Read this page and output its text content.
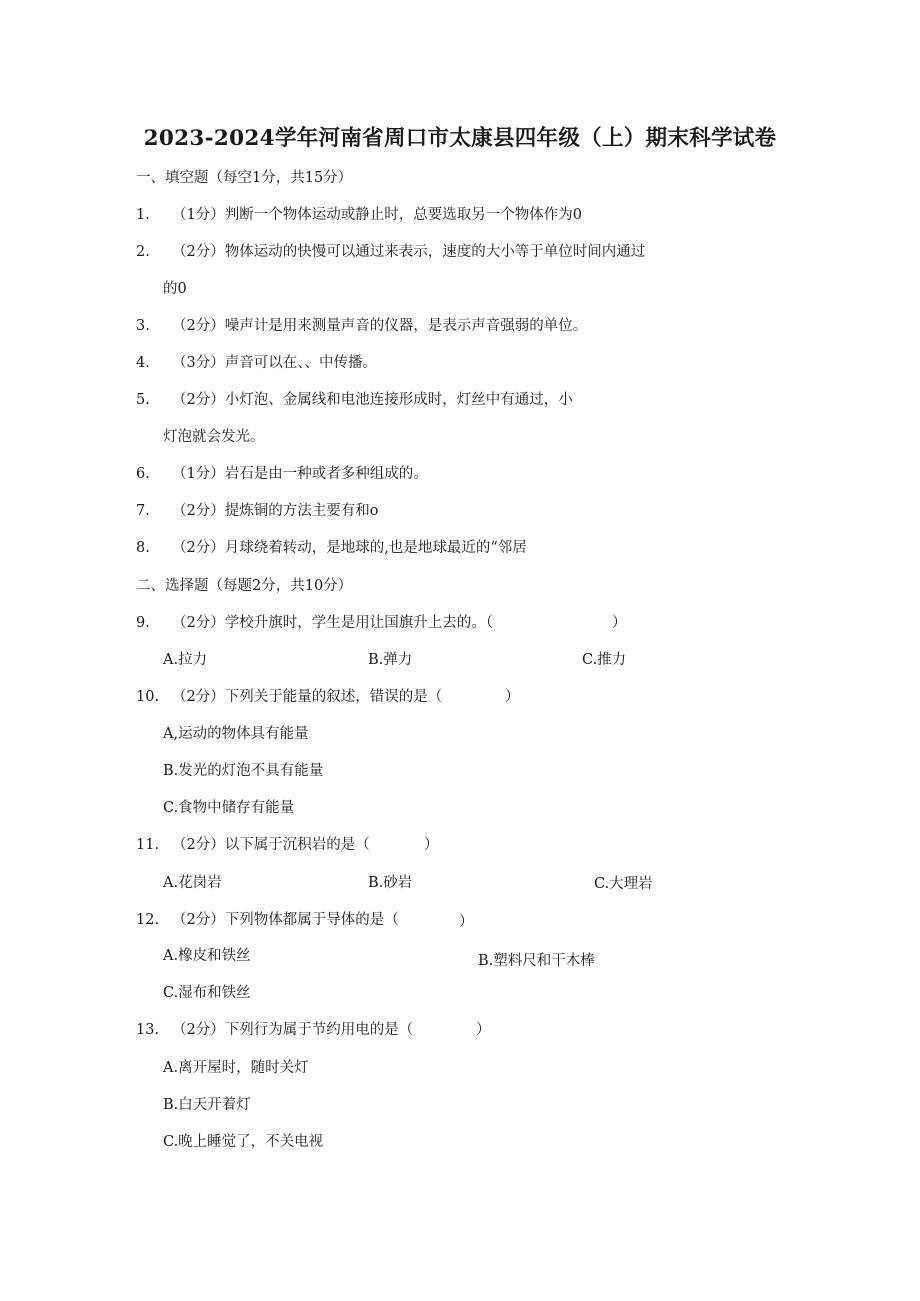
2023-2024学年河南省周口市太康县四年级（上）期末科学试卷
一、填空题（每空1分，共15分）
1. （1分）判断一个物体运动或静止时，总要选取另一个物体作为0
2. （2分）物体运动的快慢可以通过来表示，速度的大小等于单位时间内通过
的0
3. （2分）噪声计是用来测量声音的仪器，是表示声音强弱的单位。
4. （3分）声音可以在、、中传播。
5. （2分）小灯泡、金属线和电池连接形成时，灯丝中有通过，小
灯泡就会发光。
6. （1分）岩石是由一种或者多种组成的。
7. （2分）提炼铜的方法主要有和o
8. （2分）月球绕着转动，是地球的,也是地球最近的“邻居
二、选择题（每题2分，共10分）
9. （2分）学校升旗时，学生是用让国旗升上去的。（	）
A.拉力	B.弹力	C.推力
10. （2分）下列关于能量的叙述，错误的是（	）
A,运动的物体具有能量
B.发光的灯泡不具有能量
C.食物中储存有能量
11. （2分）以下属于沉积岩的是（	）
A.花岗岩	B.砂岩	C.大理岩
12. （2分）下列物体都属于导体的是（	）
A.橡皮和铁丝	B.塑料尺和干木棒
C.湿布和铁丝
13. （2分）下列行为属于节约用电的是（	）
A.离开屋时，随时关灯
B.白天开着灯
C.晚上睡觉了，不关电视
